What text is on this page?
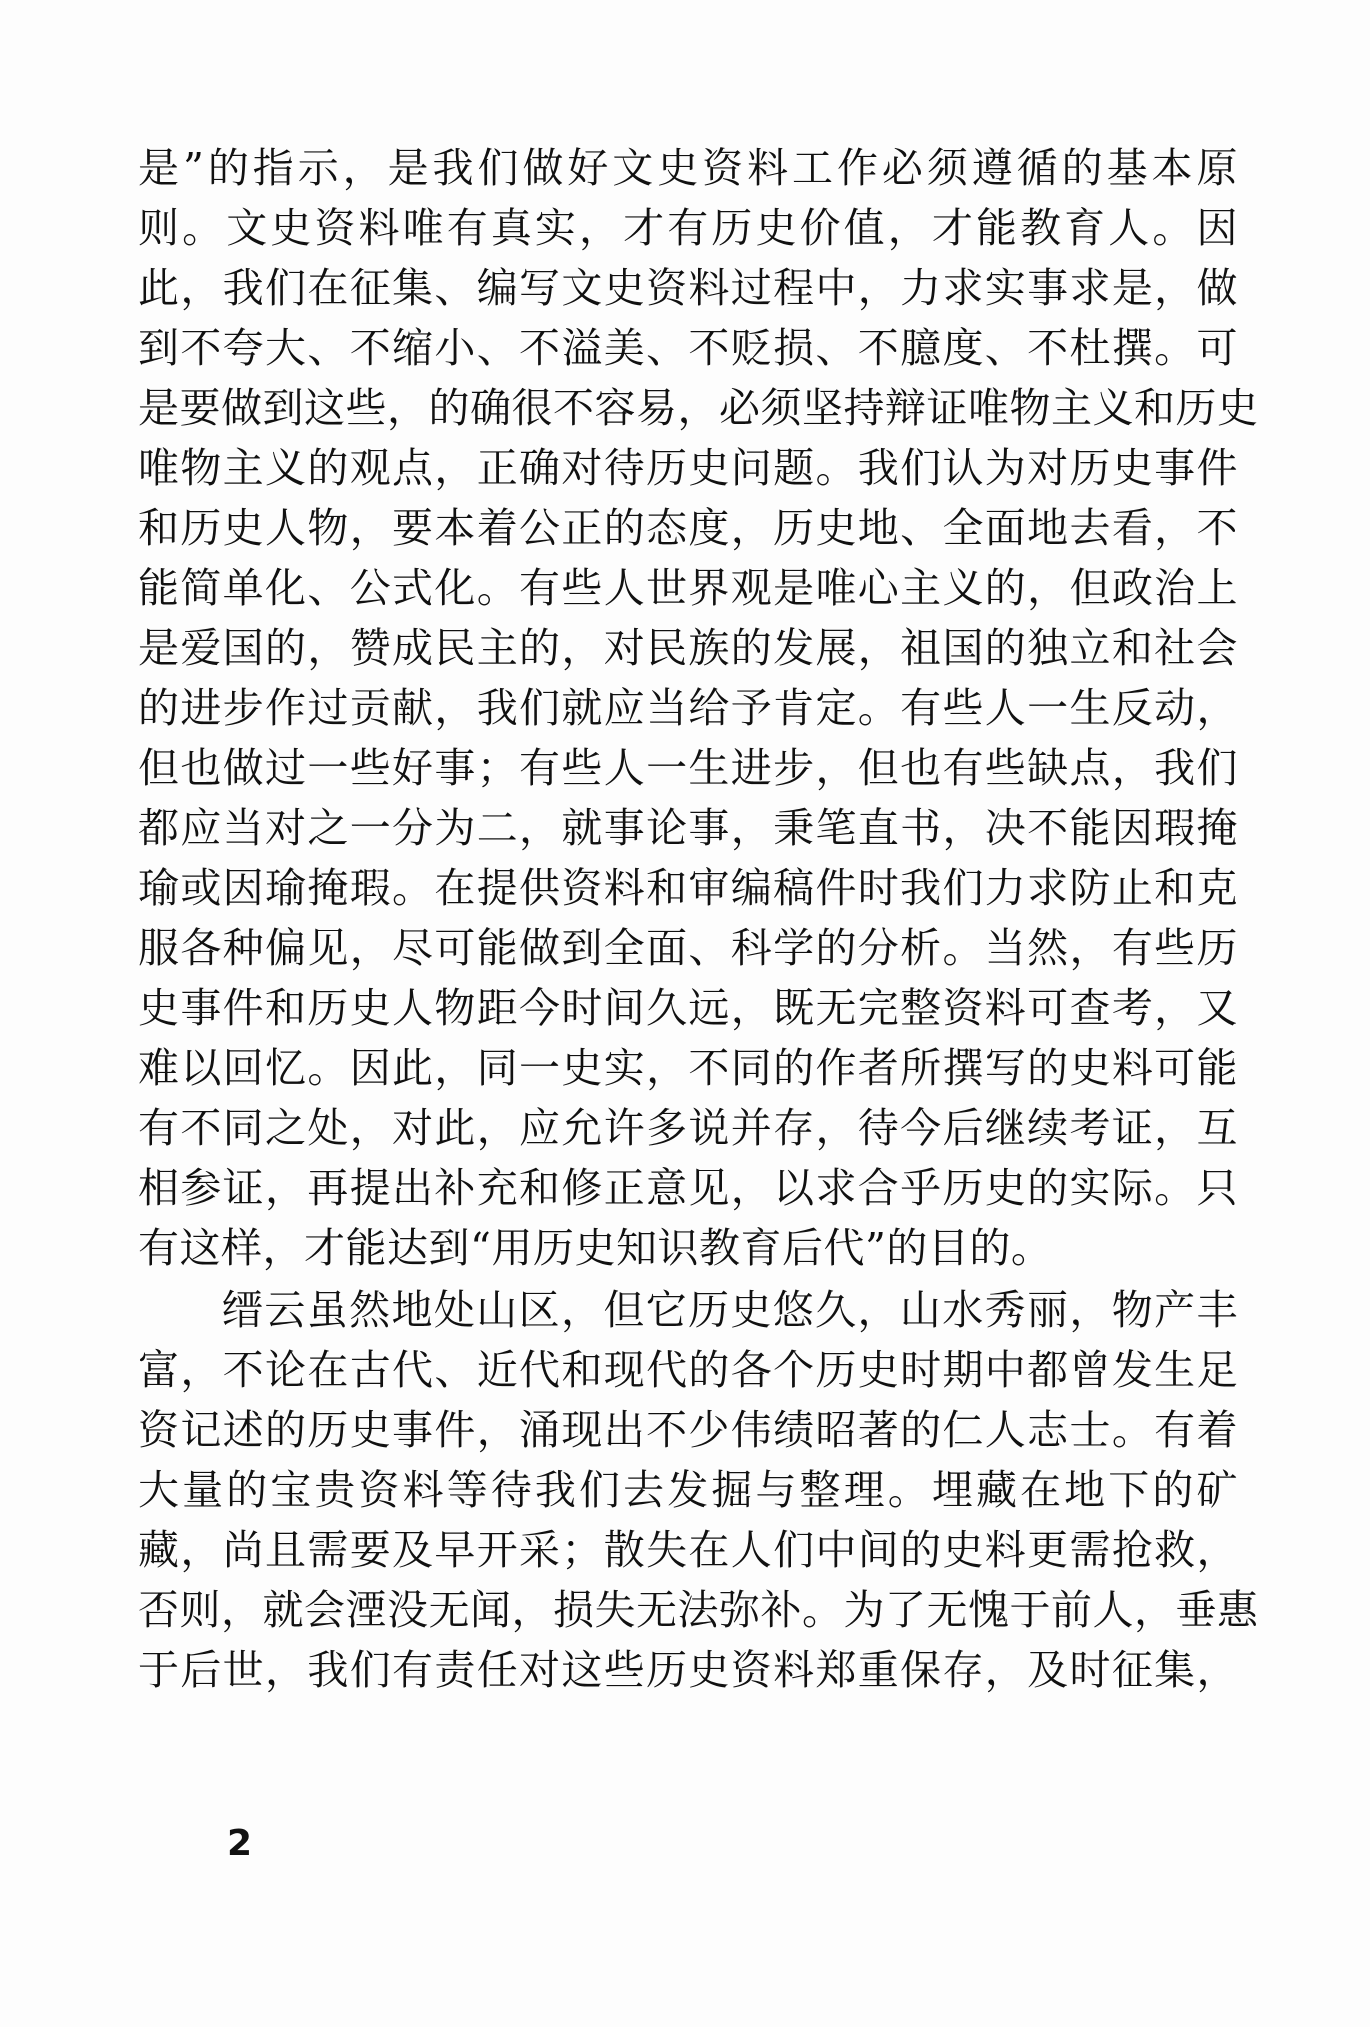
是”的指示，是我们做好文史资料工作必须遵循的基本原
则。文史资料唯有真实，才有历史价值，才能教育人。因
此，我们在征集、编写文史资料过程中，力求实事求是，做
到不夸大、不缩小、不溢美、不贬损、不臆度、不杜撰。可
是要做到这些，的确很不容易，必须坚持辩证唯物主义和历史
唯物主义的观点，正确对待历史问题。我们认为对历史事件
和历史人物，要本着公正的态度，历史地、全面地去看，不
能简单化、公式化。有些人世界观是唯心主义的，但政治上
是爱国的，赞成民主的，对民族的发展，祖国的独立和社会
的进步作过贡献，我们就应当给予肯定。有些人一生反动，
但也做过一些好事；有些人一生进步，但也有些缺点，我们
都应当对之一分为二，就事论事，秉笔直书，决不能因瑕掩
瑜或因瑜掩瑕。在提供资料和审编稿件时我们力求防止和克
服各种偏见，尽可能做到全面、科学的分析。当然，有些历
史事件和历史人物距今时间久远，既无完整资料可查考，又
难以回忆。因此，同一史实，不同的作者所撰写的史料可能
有不同之处，对此，应允许多说并存，待今后继续考证，互
相参证，再提出补充和修正意见，以求合乎历史的实际。只
有这样，才能达到“用历史知识教育后代”的目的。
缙云虽然地处山区，但它历史悠久，山水秀丽，物产丰
富，不论在古代、近代和现代的各个历史时期中都曾发生足
资记述的历史事件，涌现出不少伟绩昭著的仁人志士。有着
大量的宝贵资料等待我们去发掘与整理。埋藏在地下的矿
藏，尚且需要及早开采；散失在人们中间的史料更需抢救，
否则，就会湮没无闻，损失无法弥补。为了无愧于前人，垂惠
于后世，我们有责任对这些历史资料郑重保存，及时征集，
2
